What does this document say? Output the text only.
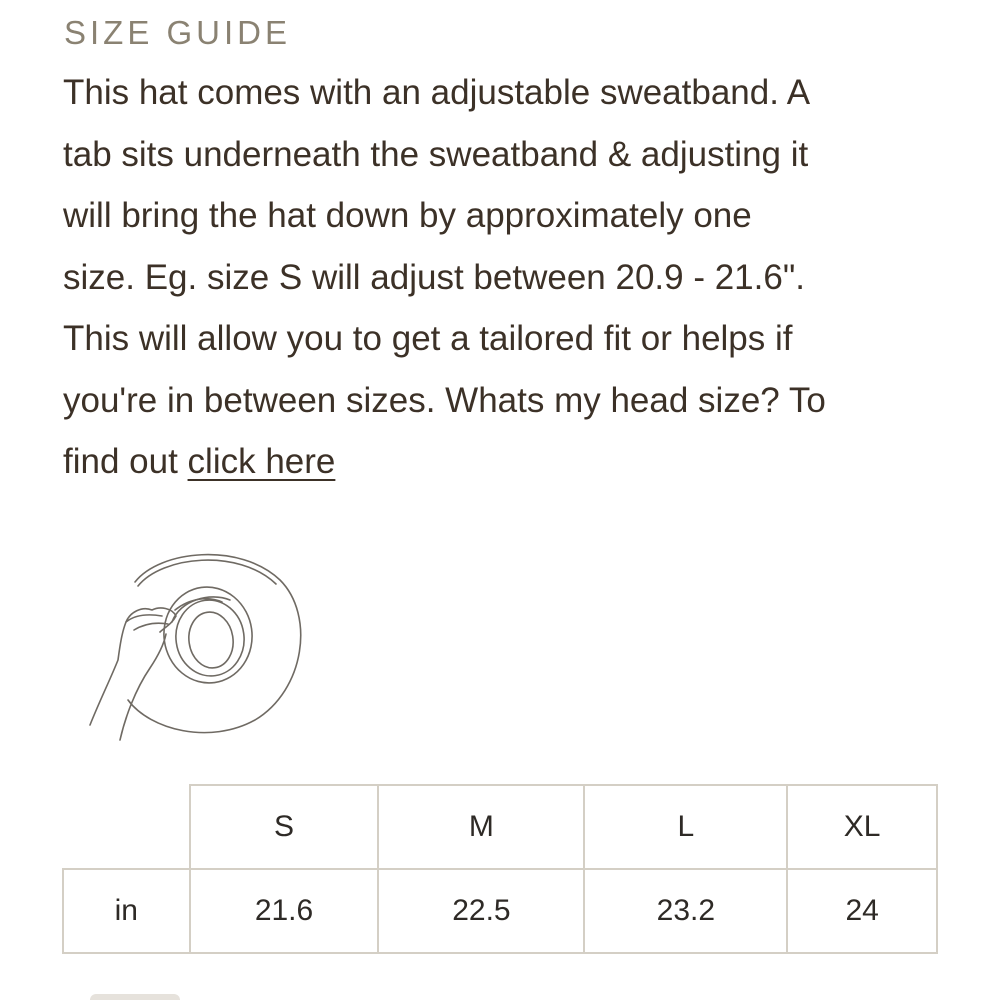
SIZE GUIDE

This hat comes with an adjustable sweatband. A
tab sits underneath the sweatband & adjusting it
will bring the hat down by approximately one
size. Eg. size S will adjust between 20.9 - 21.6".
This will allow you to get a tailored fit or helps if
you're in between sizes. Whats my head size? To
find out click here

	S	M	L	XL
in	21.6	22.5	23.2	24
